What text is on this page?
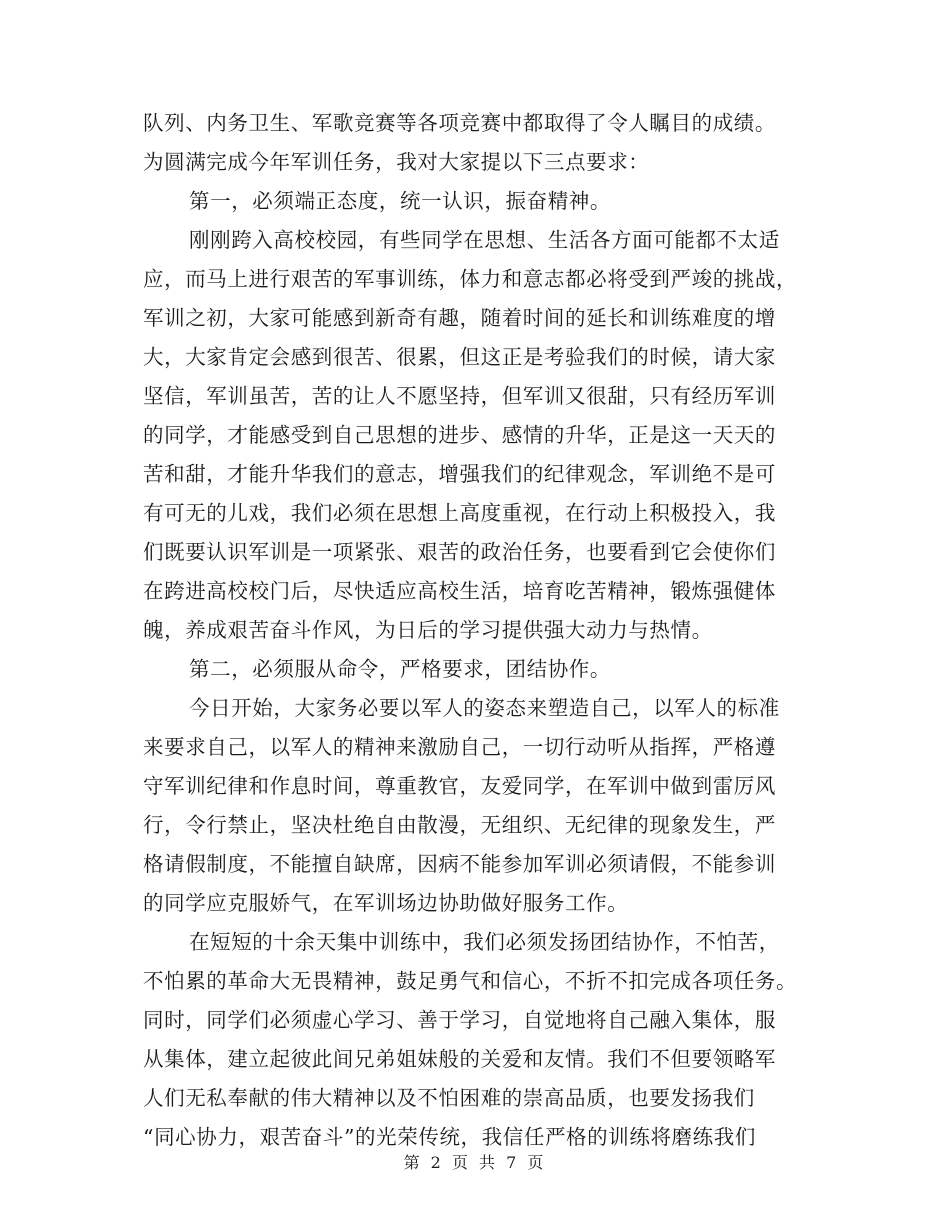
队列、内务卫生、军歌竞赛等各项竞赛中都取得了令人瞩目的成绩。
为圆满完成今年军训任务，我对大家提以下三点要求：
第一，必须端正态度，统一认识，振奋精神。
刚刚跨入高校校园，有些同学在思想、生活各方面可能都不太适
应，而马上进行艰苦的军事训练，体力和意志都必将受到严竣的挑战，
军训之初，大家可能感到新奇有趣，随着时间的延长和训练难度的增
大，大家肯定会感到很苦、很累，但这正是考验我们的时候，请大家
坚信，军训虽苦，苦的让人不愿坚持，但军训又很甜，只有经历军训
的同学，才能感受到自己思想的进步、感情的升华，正是这一天天的
苦和甜，才能升华我们的意志，增强我们的纪律观念，军训绝不是可
有可无的儿戏，我们必须在思想上高度重视，在行动上积极投入，我
们既要认识军训是一项紧张、艰苦的政治任务，也要看到它会使你们
在跨进高校校门后，尽快适应高校生活，培育吃苦精神，锻炼强健体
魄，养成艰苦奋斗作风，为日后的学习提供强大动力与热情。
第二，必须服从命令，严格要求，团结协作。
今日开始，大家务必要以军人的姿态来塑造自己，以军人的标准
来要求自己，以军人的精神来激励自己，一切行动听从指挥，严格遵
守军训纪律和作息时间，尊重教官，友爱同学，在军训中做到雷厉风
行，令行禁止，坚决杜绝自由散漫，无组织、无纪律的现象发生，严
格请假制度，不能擅自缺席，因病不能参加军训必须请假，不能参训
的同学应克服娇气，在军训场边协助做好服务工作。
在短短的十余天集中训练中，我们必须发扬团结协作，不怕苦，
不怕累的革命大无畏精神，鼓足勇气和信心，不折不扣完成各项任务。
同时，同学们必须虚心学习、善于学习，自觉地将自己融入集体，服
从集体，建立起彼此间兄弟姐妹般的关爱和友情。我们不但要领略军
人们无私奉献的伟大精神以及不怕困难的崇高品质，也要发扬我们
“同心协力，艰苦奋斗”的光荣传统，我信任严格的训练将磨练我们
第 2 页 共 7 页
